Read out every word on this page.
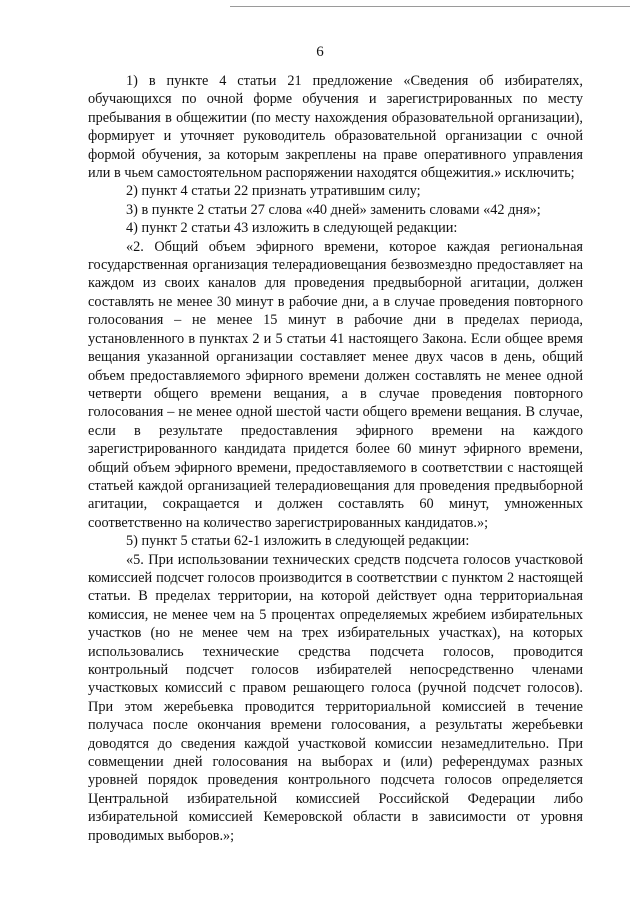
6

1) в пункте 4 статьи 21 предложение «Сведения об избирателях, обучающихся по очной форме обучения и зарегистрированных по месту пребывания в общежитии (по месту нахождения образовательной организации), формирует и уточняет руководитель образовательной организации с очной формой обучения, за которым закреплены на праве оперативного управления или в чьем самостоятельном распоряжении находятся общежития.» исключить;

2) пункт 4 статьи 22 признать утратившим силу;

3) в пункте 2 статьи 27 слова «40 дней» заменить словами «42 дня»;

4) пункт 2 статьи 43 изложить в следующей редакции:

«2. Общий объем эфирного времени, которое каждая региональная государственная организация телерадиовещания безвозмездно предоставляет на каждом из своих каналов для проведения предвыборной агитации, должен составлять не менее 30 минут в рабочие дни, а в случае проведения повторного голосования – не менее 15 минут в рабочие дни в пределах периода, установленного в пунктах 2 и 5 статьи 41 настоящего Закона. Если общее время вещания указанной организации составляет менее двух часов в день, общий объем предоставляемого эфирного времени должен составлять не менее одной четверти общего времени вещания, а в случае проведения повторного голосования – не менее одной шестой части общего времени вещания. В случае, если в результате предоставления эфирного времени на каждого зарегистрированного кандидата придется более 60 минут эфирного времени, общий объем эфирного времени, предоставляемого в соответствии с настоящей статьей каждой организацией телерадиовещания для проведения предвыборной агитации, сокращается и должен составлять 60 минут, умноженных соответственно на количество зарегистрированных кандидатов.»;

5) пункт 5 статьи 62-1 изложить в следующей редакции:

«5. При использовании технических средств подсчета голосов участковой комиссией подсчет голосов производится в соответствии с пунктом 2 настоящей статьи. В пределах территории, на которой действует одна территориальная комиссия, не менее чем на 5 процентах определяемых жребием избирательных участков (но не менее чем на трех избирательных участках), на которых использовались технические средства подсчета голосов, проводится контрольный подсчет голосов избирателей непосредственно членами участковых комиссий с правом решающего голоса (ручной подсчет голосов). При этом жеребьевка проводится территориальной комиссией в течение получаса после окончания времени голосования, а результаты жеребьевки доводятся до сведения каждой участковой комиссии незамедлительно. При совмещении дней голосования на выборах и (или) референдумах разных уровней порядок проведения контрольного подсчета голосов определяется Центральной избирательной комиссией Российской Федерации либо избирательной комиссией Кемеровской области в зависимости от уровня проводимых выборов.»;
